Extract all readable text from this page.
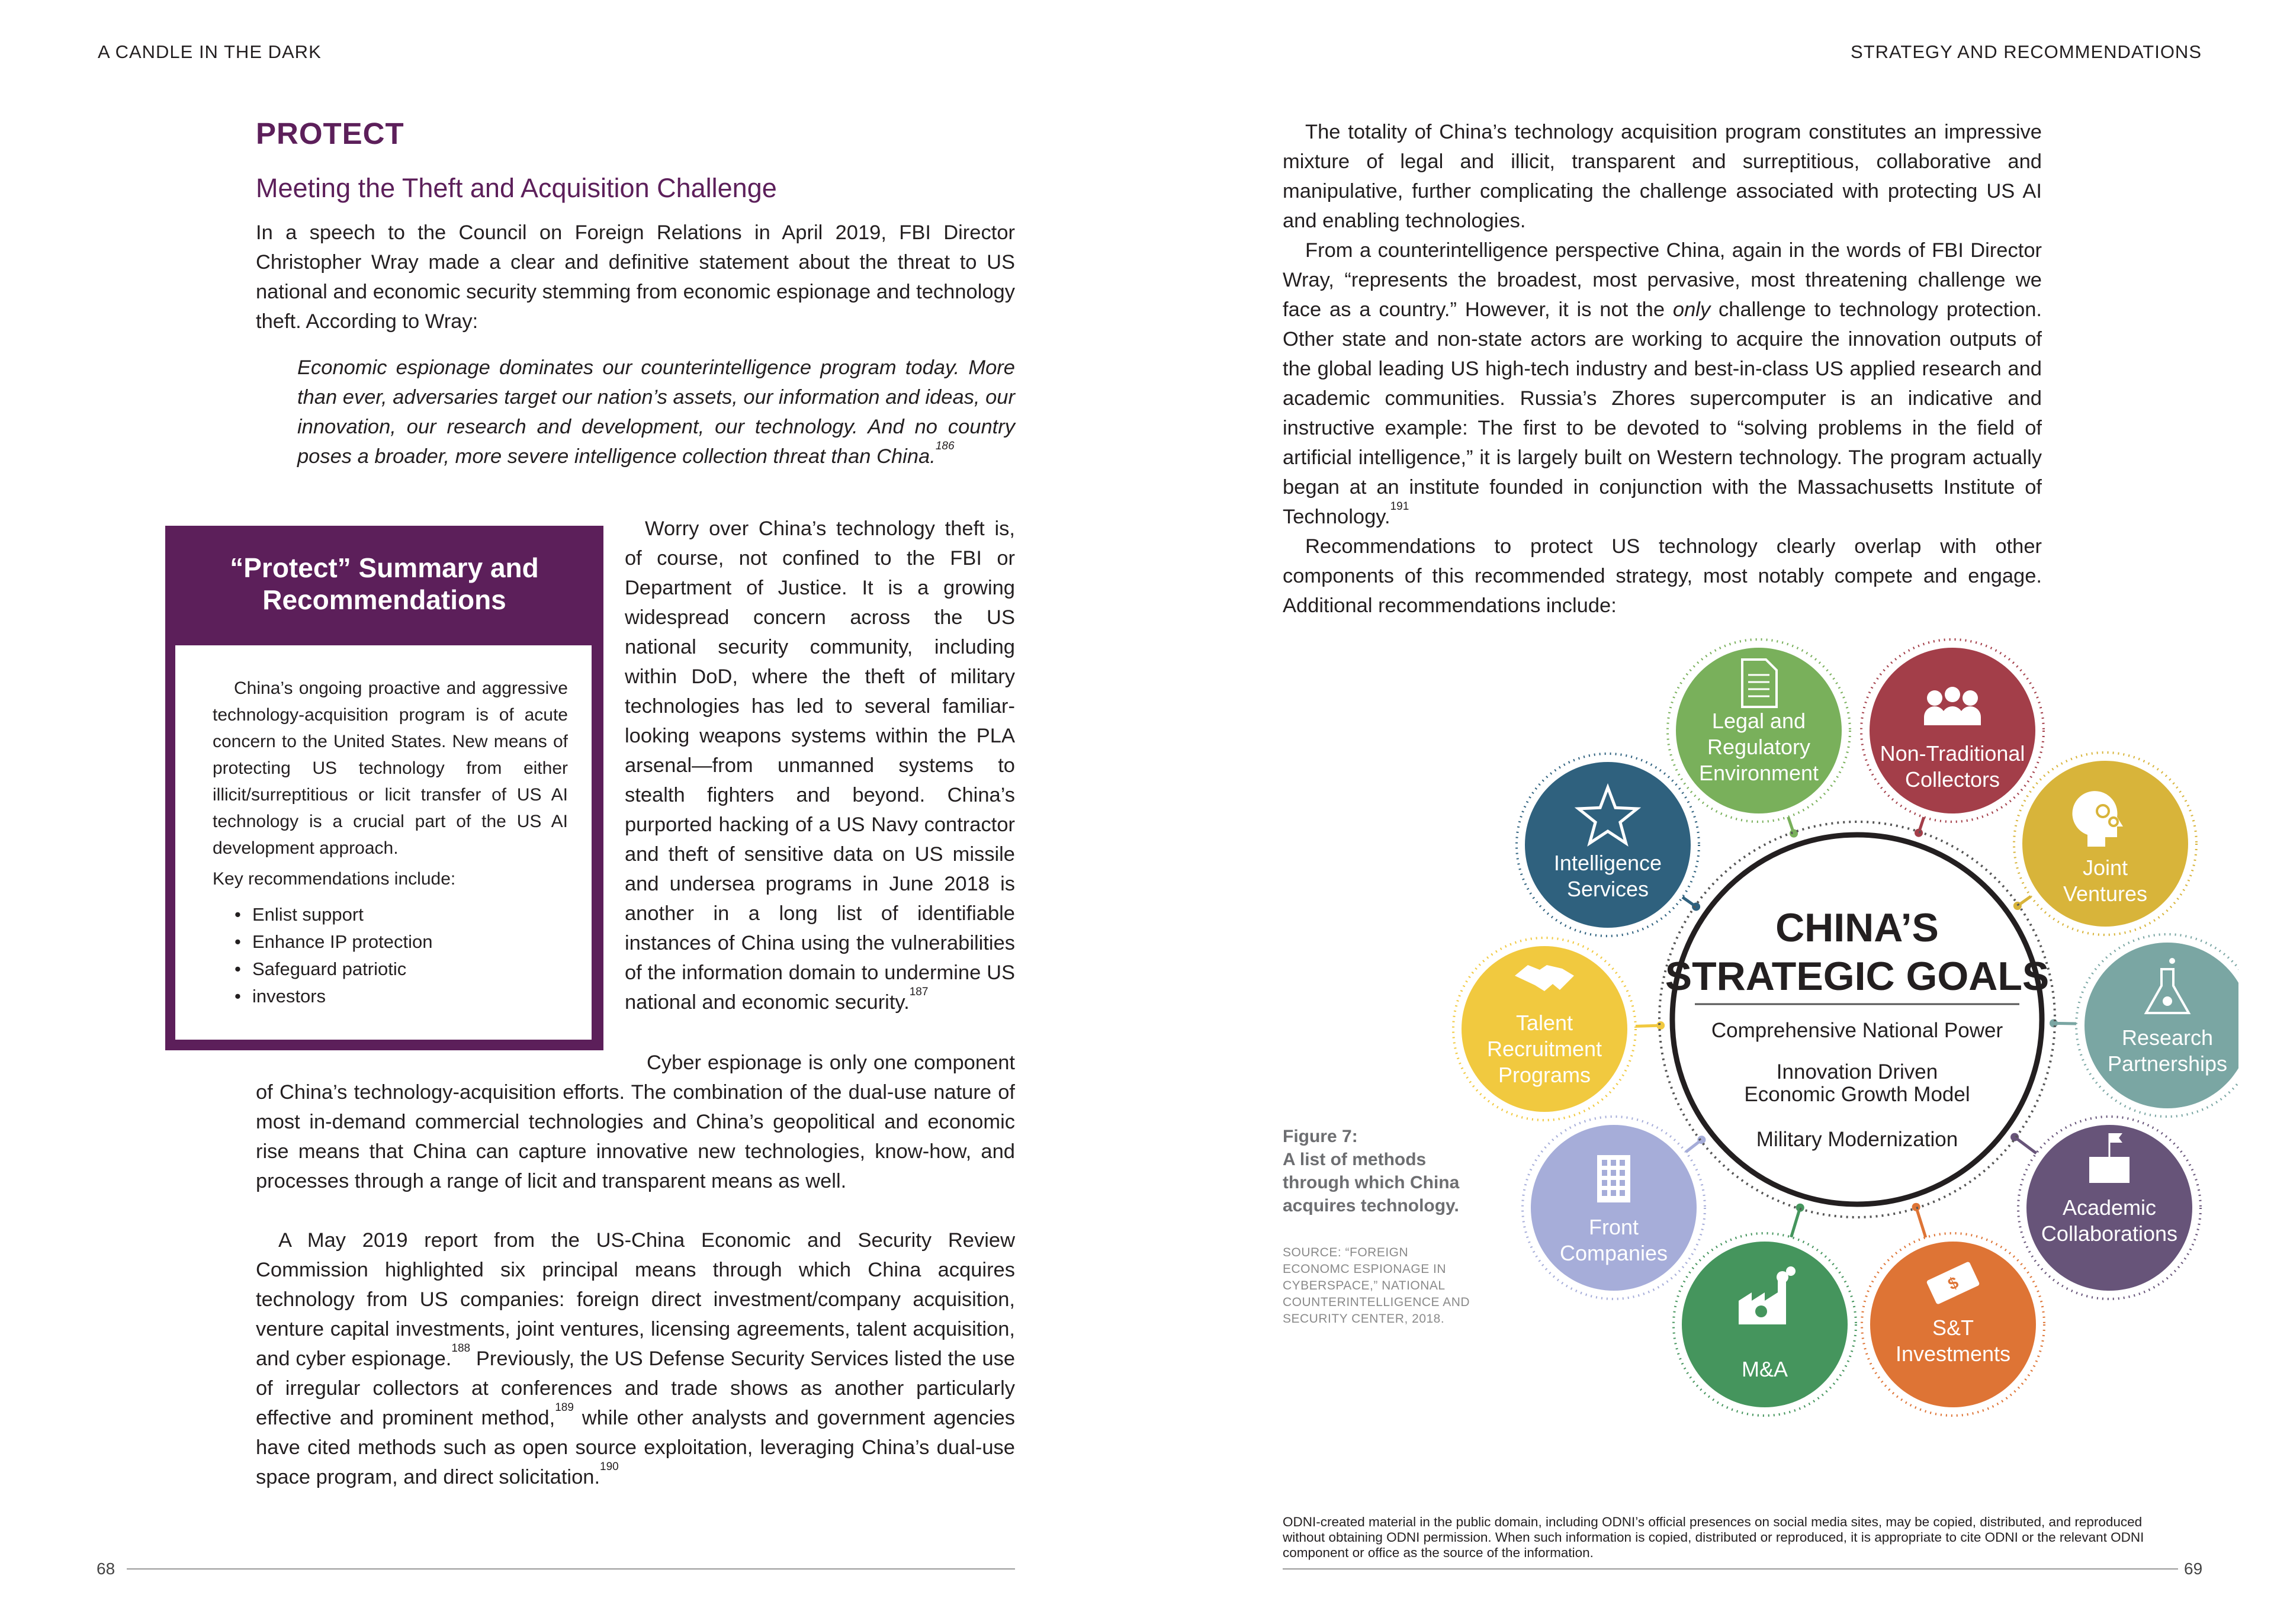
A CANDLE IN THE DARK	STRATEGY AND RECOMMENDATIONS
PROTECT
Meeting the Theft and Acquisition Challenge

In a speech to the Council on Foreign Relations in April 2019, FBI Director Christopher Wray made a clear and definitive statement about the threat to US national and economic security stemming from economic espionage and technology theft. According to Wray:

Economic espionage dominates our counterintelligence program today. More than ever, adversaries target our nation’s assets, our information and ideas, our innovation, our research and development, our technology. And no country poses a broader, more severe intelligence collection threat than China.$^{186}$
“Protect” Summary and
Recommendations
China’s ongoing proactive and aggressive technology-acquisition program is of acute concern to the United States. New means of protecting US technology from either illicit/surreptitious or licit transfer of US AI technology is a crucial part of the US AI development approach.
Key recommendations include:
• Enlist support
• Enhance IP protection
• Safeguard patriotic
• investors

Worry over China’s technology theft is, of course, not confined to the FBI or Department of Justice. It is a growing widespread concern across the US national security community, including within DoD, where the theft of military technologies has led to several familiar-looking weapons systems within the PLA arsenal—from unmanned systems to stealth fighters and beyond. China’s purported hacking of a US Navy contractor and theft of sensitive data on US missile and undersea programs in June 2018 is another in a long list of identifiable instances of China using the vulnerabilities of the information domain to undermine US national and economic security.$^{187}$

Cyber espionage is only one component of China’s technology-acquisition efforts. The combination of the dual-use nature of most in-demand commercial technologies and China’s geopolitical and economic rise means that China can capture innovative new technologies, know-how, and processes through a range of licit and transparent means as well.

A May 2019 report from the US-China Economic and Security Review Commission highlighted six principal means through which China acquires technology from US companies: foreign direct investment/company acquisition, venture capital investments, joint ventures, licensing agreements, talent acquisition, and cyber espionage.$^{188}$ Previously, the US Defense Security Services listed the use of irregular collectors at conferences and trade shows as another particularly effective and prominent method,$^{189}$ while other analysts and government agencies have cited methods such as open source exploitation, leveraging China’s dual-use space program, and direct solicitation.$^{190}$

68

The totality of China’s technology acquisition program constitutes an impressive mixture of legal and illicit, transparent and surreptitious, collaborative and manipulative, further complicating the challenge associated with protecting US AI and enabling technologies.

From a counterintelligence perspective China, again in the words of FBI Director Wray, “represents the broadest, most pervasive, most threatening challenge we face as a country.” However, it is not the only challenge to technology protection. Other state and non-state actors are working to acquire the innovation outputs of the global leading US high-tech industry and best-in-class US applied research and academic communities. Russia’s Zhores supercomputer is an indicative and instructive example: The first to be devoted to “solving problems in the field of artificial intelligence,” it is largely built on Western technology. The program actually began at an institute founded in conjunction with the Massachusetts Institute of Technology.$^{191}$

Recommendations to protect US technology clearly overlap with other components of this recommended strategy, most notably compete and engage. Additional recommendations include:

Figure 7:
A list of methods
through which China
acquires technology.
SOURCE: “FOREIGN
ECONOMC ESPIONAGE IN
CYBERSPACE,” NATIONAL
COUNTERINTELLIGENCE AND
SECURITY CENTER, 2018.
Legal and
Regulatory
Environment
Non-Traditional
Collectors
Joint
Ventures
Research
Partnerships
Academic
Collaborations
$
S&T
Investments
M&A
Front
Companies
Talent
Recruitment
Programs
Intelligence
Services
CHINA’S
STRATEGIC GOALS
Comprehensive National Power
Innovation Driven
Economic Growth Model
Military Modernization
ODNI-created material in the public domain, including ODNI’s official presences on social media sites, may be copied, distributed, and reproduced without obtaining ODNI permission. When such information is copied, distributed or reproduced, it is appropriate to cite ODNI or the relevant ODNI component or office as the source of the information.
69
